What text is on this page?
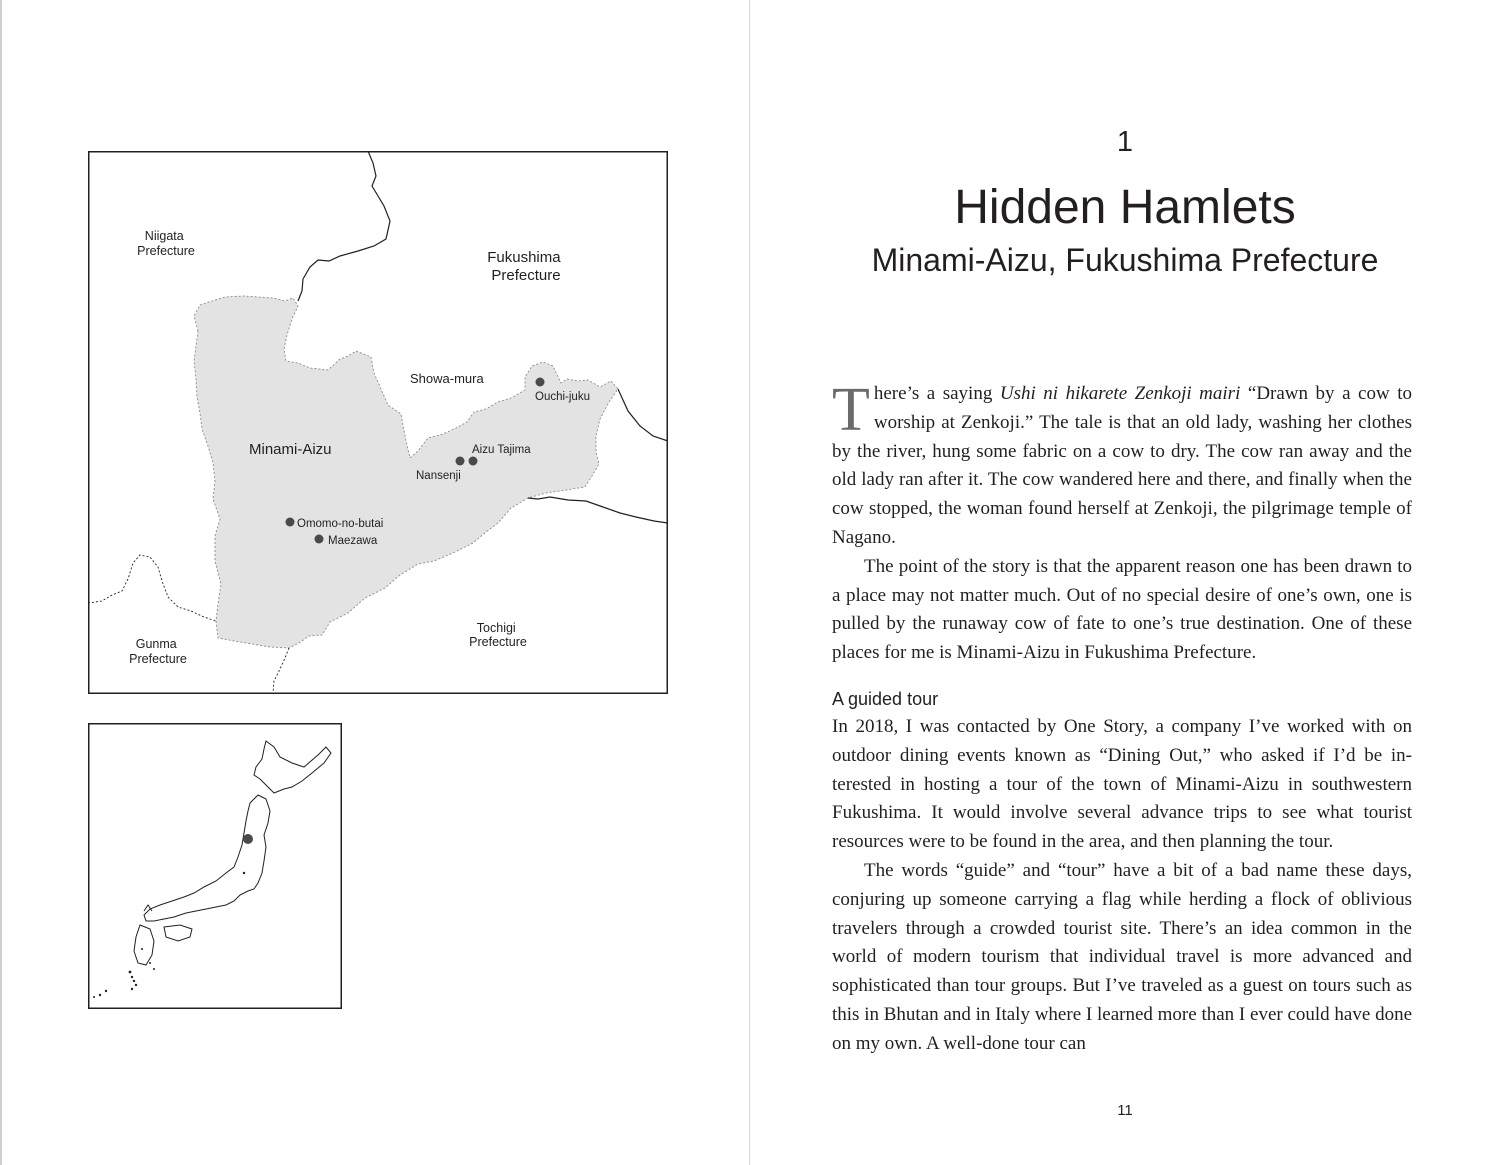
Niigata Prefecture	Fukushima Prefecture
Showa-mura
Minami-Aizu
Ouchi-juku
Aizu Tajima
Nansenji
Omomo-no-butai
Maezawa
Tochigi Prefecture
Gunma Prefecture
1
Hidden Hamlets
Minami-Aizu, Fukushima Prefecture

There’s a saying Ushi ni hikarete Zenkoji mairi “Drawn by a cow to worship at Zenkoji.” The tale is that an old lady, washing her clothes by the river, hung some fabric on a cow to dry. The cow ran away and the old lady ran after it. The cow wandered here and there, and finally when the cow stopped, the woman found herself at Zenkoji, the pilgrimage temple of Nagano.

The point of the story is that the apparent reason one has been drawn to a place may not matter much. Out of no special desire of one’s own, one is pulled by the runaway cow of fate to one’s true destination. One of these places for me is Minami-Aizu in Fukushima Prefecture.

A guided tour

In 2018, I was contacted by One Story, a company I’ve worked with on outdoor dining events known as “Dining Out,” who asked if I’d be interested in hosting a tour of the town of Minami-Aizu in southwestern Fukushima. It would involve several advance trips to see what tourist resources were to be found in the area, and then planning the tour.

The words “guide” and “tour” have a bit of a bad name these days, conjuring up someone carrying a flag while herding a flock of oblivious travelers through a crowded tourist site. There’s an idea common in the world of modern tourism that individual travel is more advanced and sophisticated than tour groups. But I’ve traveled as a guest on tours such as this in Bhutan and in Italy where I learned more than I ever could have done on my own. A well-done tour can

11
